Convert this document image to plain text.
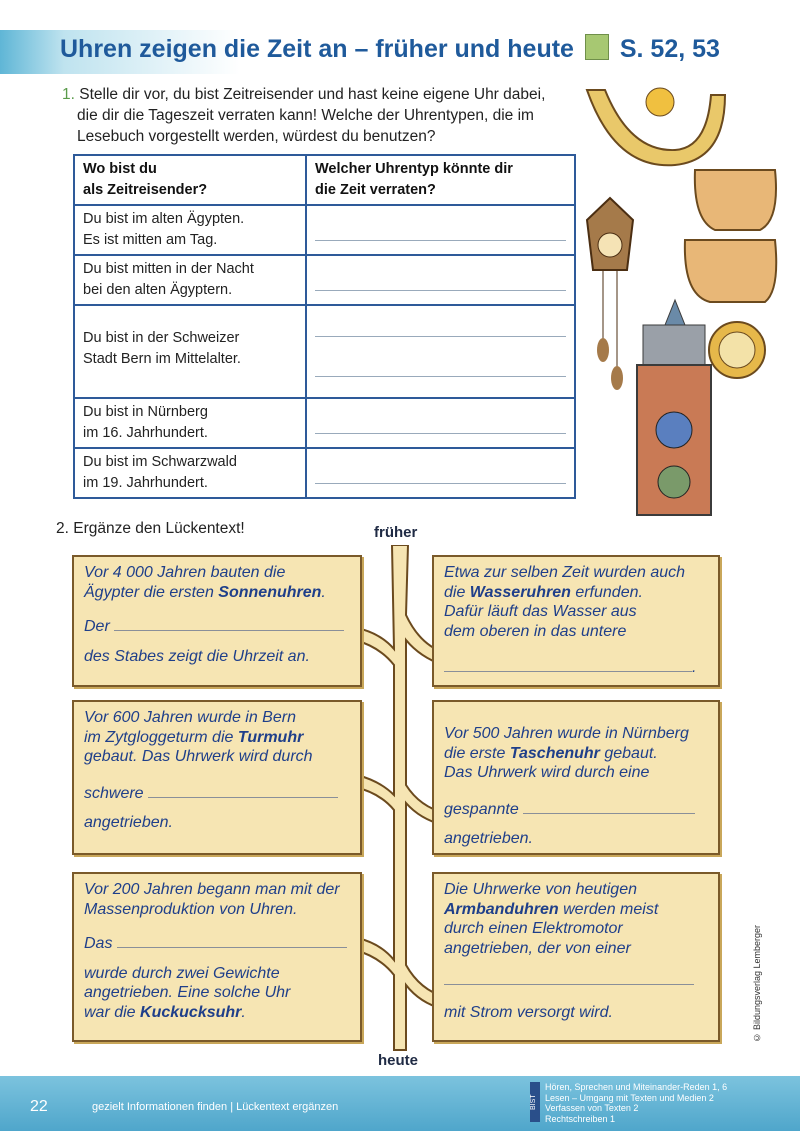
Uhren zeigen die Zeit an – früher und heute S. 52, 53
1. Stelle dir vor, du bist Zeitreisender und hast keine eigene Uhr dabei,
die dir die Tageszeit verraten kann! Welche der Uhrentypen, die im
Lesebuch vorgestellt werden, würdest du benutzen?
Wo bist du
als Zeitreisender?	Welcher Uhrentyp könnte dir
die Zeit verraten?
Du bist im alten Ägypten.
Es ist mitten am Tag.	

Du bist mitten in der Nacht
bei den alten Ägyptern.	

Du bist in der Schweizer
Stadt Bern im Mittelalter.	

Du bist in Nürnberg
im 16. Jahrhundert.	

Du bist im Schwarzwald
im 19. Jahrhundert.	
2. Ergänze den Lückentext!	früher
heute
Vor 4 000 Jahren bauten die
Ägypter die ersten Sonnenuhren.
Der
des Stabes zeigt die Uhrzeit an.
Etwa zur selben Zeit wurden auch
die Wasseruhren erfunden.
Dafür läuft das Wasser aus
dem oberen in das untere
.
Vor 600 Jahren wurde in Bern
im Zytgloggeturm die Turmuhr
gebaut. Das Uhrwerk wird durch
schwere
angetrieben.
Vor 500 Jahren wurde in Nürnberg
die erste Taschenuhr gebaut.
Das Uhrwerk wird durch eine
gespannte
angetrieben.
Vor 200 Jahren begann man mit der
Massenproduktion von Uhren.
Das
wurde durch zwei Gewichte
angetrieben. Eine solche Uhr
war die Kuckucksuhr.
Die Uhrwerke von heutigen
Armbanduhren werden meist
durch einen Elektromotor
angetrieben, der von einer
mit Strom versorgt wird.	© Bildungsverlag Lemberger
22	gezielt Informationen finden | Lückentext ergänzen	BIST
Hören, Sprechen und Miteinander-Reden 1, 6
Lesen – Umgang mit Texten und Medien 2
Verfassen von Texten 2
Rechtschreiben 1
